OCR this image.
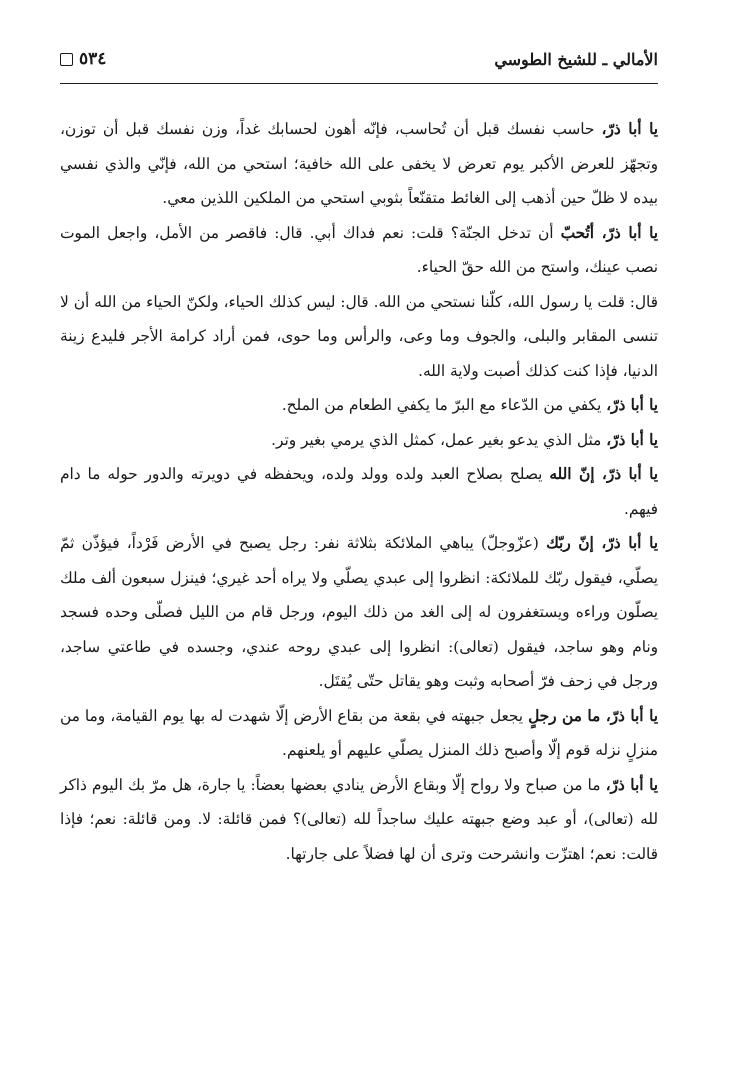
٥٣٤	الأمالي ـ للشيخ الطوسي

يا أبا ذرّ، حاسب نفسك قبل أن تُحاسب، فإنّه أهون لحسابك غداً، وزن نفسك قبل أن توزن، وتجهّز للعرض الأكبر يوم تعرض لا يخفى على الله خافية؛ استحي من الله، فإنّي والذي نفسي بيده لا ظلّ حين أذهب إلى الغائط متقنّعاً بثوبي استحي من الملكين اللذين معي.

يا أبا ذرّ، أتُحبّ أن تدخل الجنّة؟ قلت: نعم فداك أبي. قال: فاقصر من الأمل، واجعل الموت نصب عينك، واستح من الله حقّ الحياء.

قال: قلت يا رسول الله، كلّنا نستحي من الله. قال: ليس كذلك الحياء، ولكنّ الحياء من الله أن لا تنسى المقابر والبلى، والجوف وما وعى، والرأس وما حوى، فمن أراد كرامة الأجر فليدع زينة الدنيا، فإذا كنت كذلك أصبت ولاية الله.

يا أبا ذرّ، يكفي من الدّعاء مع البرّ ما يكفي الطعام من الملح.

يا أبا ذرّ، مثل الذي يدعو بغير عمل، كمثل الذي يرمي بغير وتر.

يا أبا ذرّ، إنّ الله يصلح بصلاح العبد ولده وولد ولده، ويحفظه في دويرته والدور حوله ما دام فيهم.

يا أبا ذرّ، إنّ ربّك (عزّوجلّ) يباهي الملائكة بثلاثة نفر: رجل يصبح في الأرض فَرْداً، فيؤذّن ثمّ يصلّي، فيقول ربّك للملائكة: انظروا إلى عبدي يصلّي ولا يراه أحد غيري؛ فينزل سبعون ألف ملك يصلّون وراءه ويستغفرون له إلى الغد من ذلك اليوم، ورجل قام من الليل فصلّى وحده فسجد ونام وهو ساجد، فيقول (تعالى): انظروا إلى عبدي روحه عندي، وجسده في طاعتي ساجد، ورجل في زحف فرّ أصحابه وثبت وهو يقاتل حتّى يُقتَل.

يا أبا ذرّ، ما من رجلٍ يجعل جبهته في بقعة من بقاع الأرض إلّا شهدت له بها يوم القيامة، وما من منزلٍ نزله قوم إلّا وأصبح ذلك المنزل يصلّي عليهم أو يلعنهم.

يا أبا ذرّ، ما من صباح ولا رواح إلّا وبقاع الأرض ينادي بعضها بعضاً: يا جارة، هل مرّ بك اليوم ذاكر لله (تعالى)، أو عبد وضع جبهته عليك ساجداً لله (تعالى)؟ فمن قائلة: لا. ومن قائلة: نعم؛ فإذا قالت: نعم؛ اهتزّت وانشرحت وترى أن لها فضلاً على جارتها.
